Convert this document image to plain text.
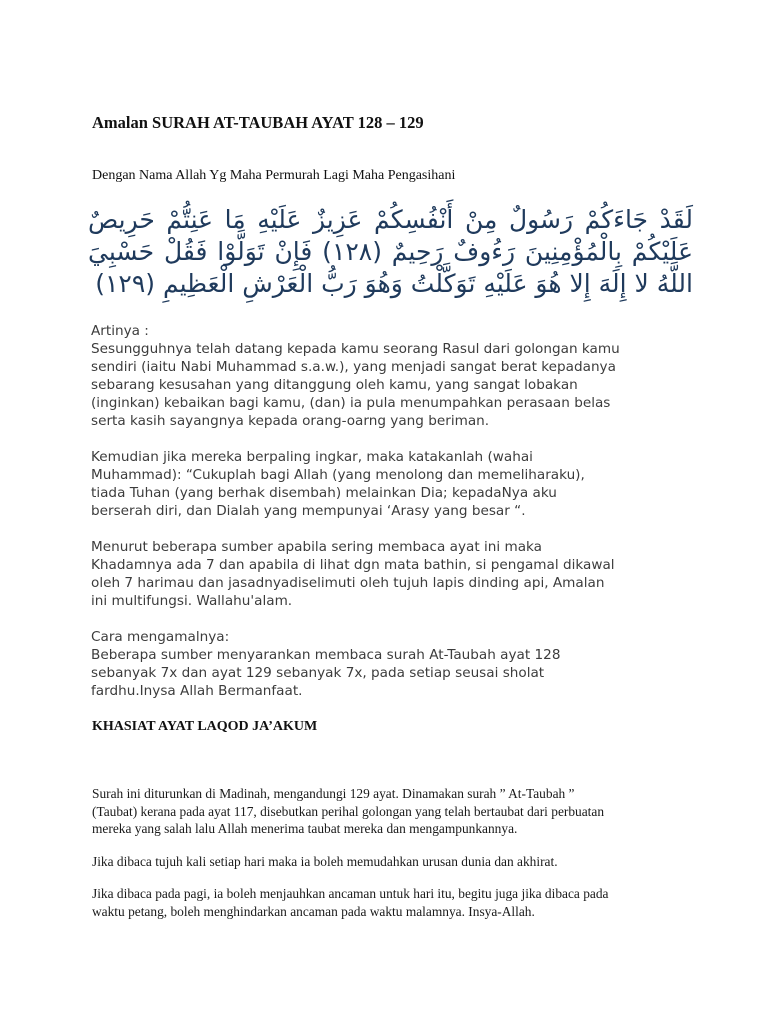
Amalan SURAH AT-TAUBAH AYAT 128 – 129

Dengan Nama Allah Yg Maha Permurah Lagi Maha Pengasihani

لَقَدْ جَاءَكُمْ رَسُولٌ مِنْ أَنْفُسِكُمْ عَزِيزٌ عَلَيْهِ مَا عَنِتُّمْ حَرِيصٌ عَلَيْكُمْ بِالْمُؤْمِنِينَ رَءُوفٌ رَحِيمٌ (١٢٨) فَإِنْ تَوَلَّوْا فَقُلْ حَسْبِيَ اللَّهُ لا إِلَهَ إِلا هُوَ عَلَيْهِ تَوَكَّلْتُ وَهُوَ رَبُّ الْعَرْشِ الْعَظِيمِ (١٢٩)

Artinya :
Sesungguhnya telah datang kepada kamu seorang Rasul dari golongan kamu
sendiri (iaitu Nabi Muhammad s.a.w.), yang menjadi sangat berat kepadanya
sebarang kesusahan yang ditanggung oleh kamu, yang sangat lobakan
(inginkan) kebaikan bagi kamu, (dan) ia pula menumpahkan perasaan belas
serta kasih sayangnya kepada orang-oarng yang beriman.

Kemudian jika mereka berpaling ingkar, maka katakanlah (wahai
Muhammad): “Cukuplah bagi Allah (yang menolong dan memeliharaku),
tiada Tuhan (yang berhak disembah) melainkan Dia; kepadaNya aku
berserah diri, dan Dialah yang mempunyai ‘Arasy yang besar “.

Menurut beberapa sumber apabila sering membaca ayat ini maka
Khadamnya ada 7 dan apabila di lihat dgn mata bathin, si pengamal dikawal
oleh 7 harimau dan jasadnyadiselimuti oleh tujuh lapis dinding api, Amalan
ini multifungsi. Wallahu'alam.

Cara mengamalnya:
Beberapa sumber menyarankan membaca surah At-Taubah ayat 128
sebanyak 7x dan ayat 129 sebanyak 7x, pada setiap seusai sholat
fardhu.Inysa Allah Bermanfaat.

KHASIAT AYAT LAQOD JA’AKUM

Surah ini diturunkan di Madinah, mengandungi 129 ayat. Dinamakan surah ” At-Taubah ”
(Taubat) kerana pada ayat 117, disebutkan perihal golongan yang telah bertaubat dari perbuatan
mereka yang salah lalu Allah menerima taubat mereka dan mengampunkannya.

Jika dibaca tujuh kali setiap hari maka ia boleh memudahkan urusan dunia dan akhirat.

Jika dibaca pada pagi, ia boleh menjauhkan ancaman untuk hari itu, begitu juga jika dibaca pada
waktu petang, boleh menghindarkan ancaman pada waktu malamnya. Insya-Allah.
